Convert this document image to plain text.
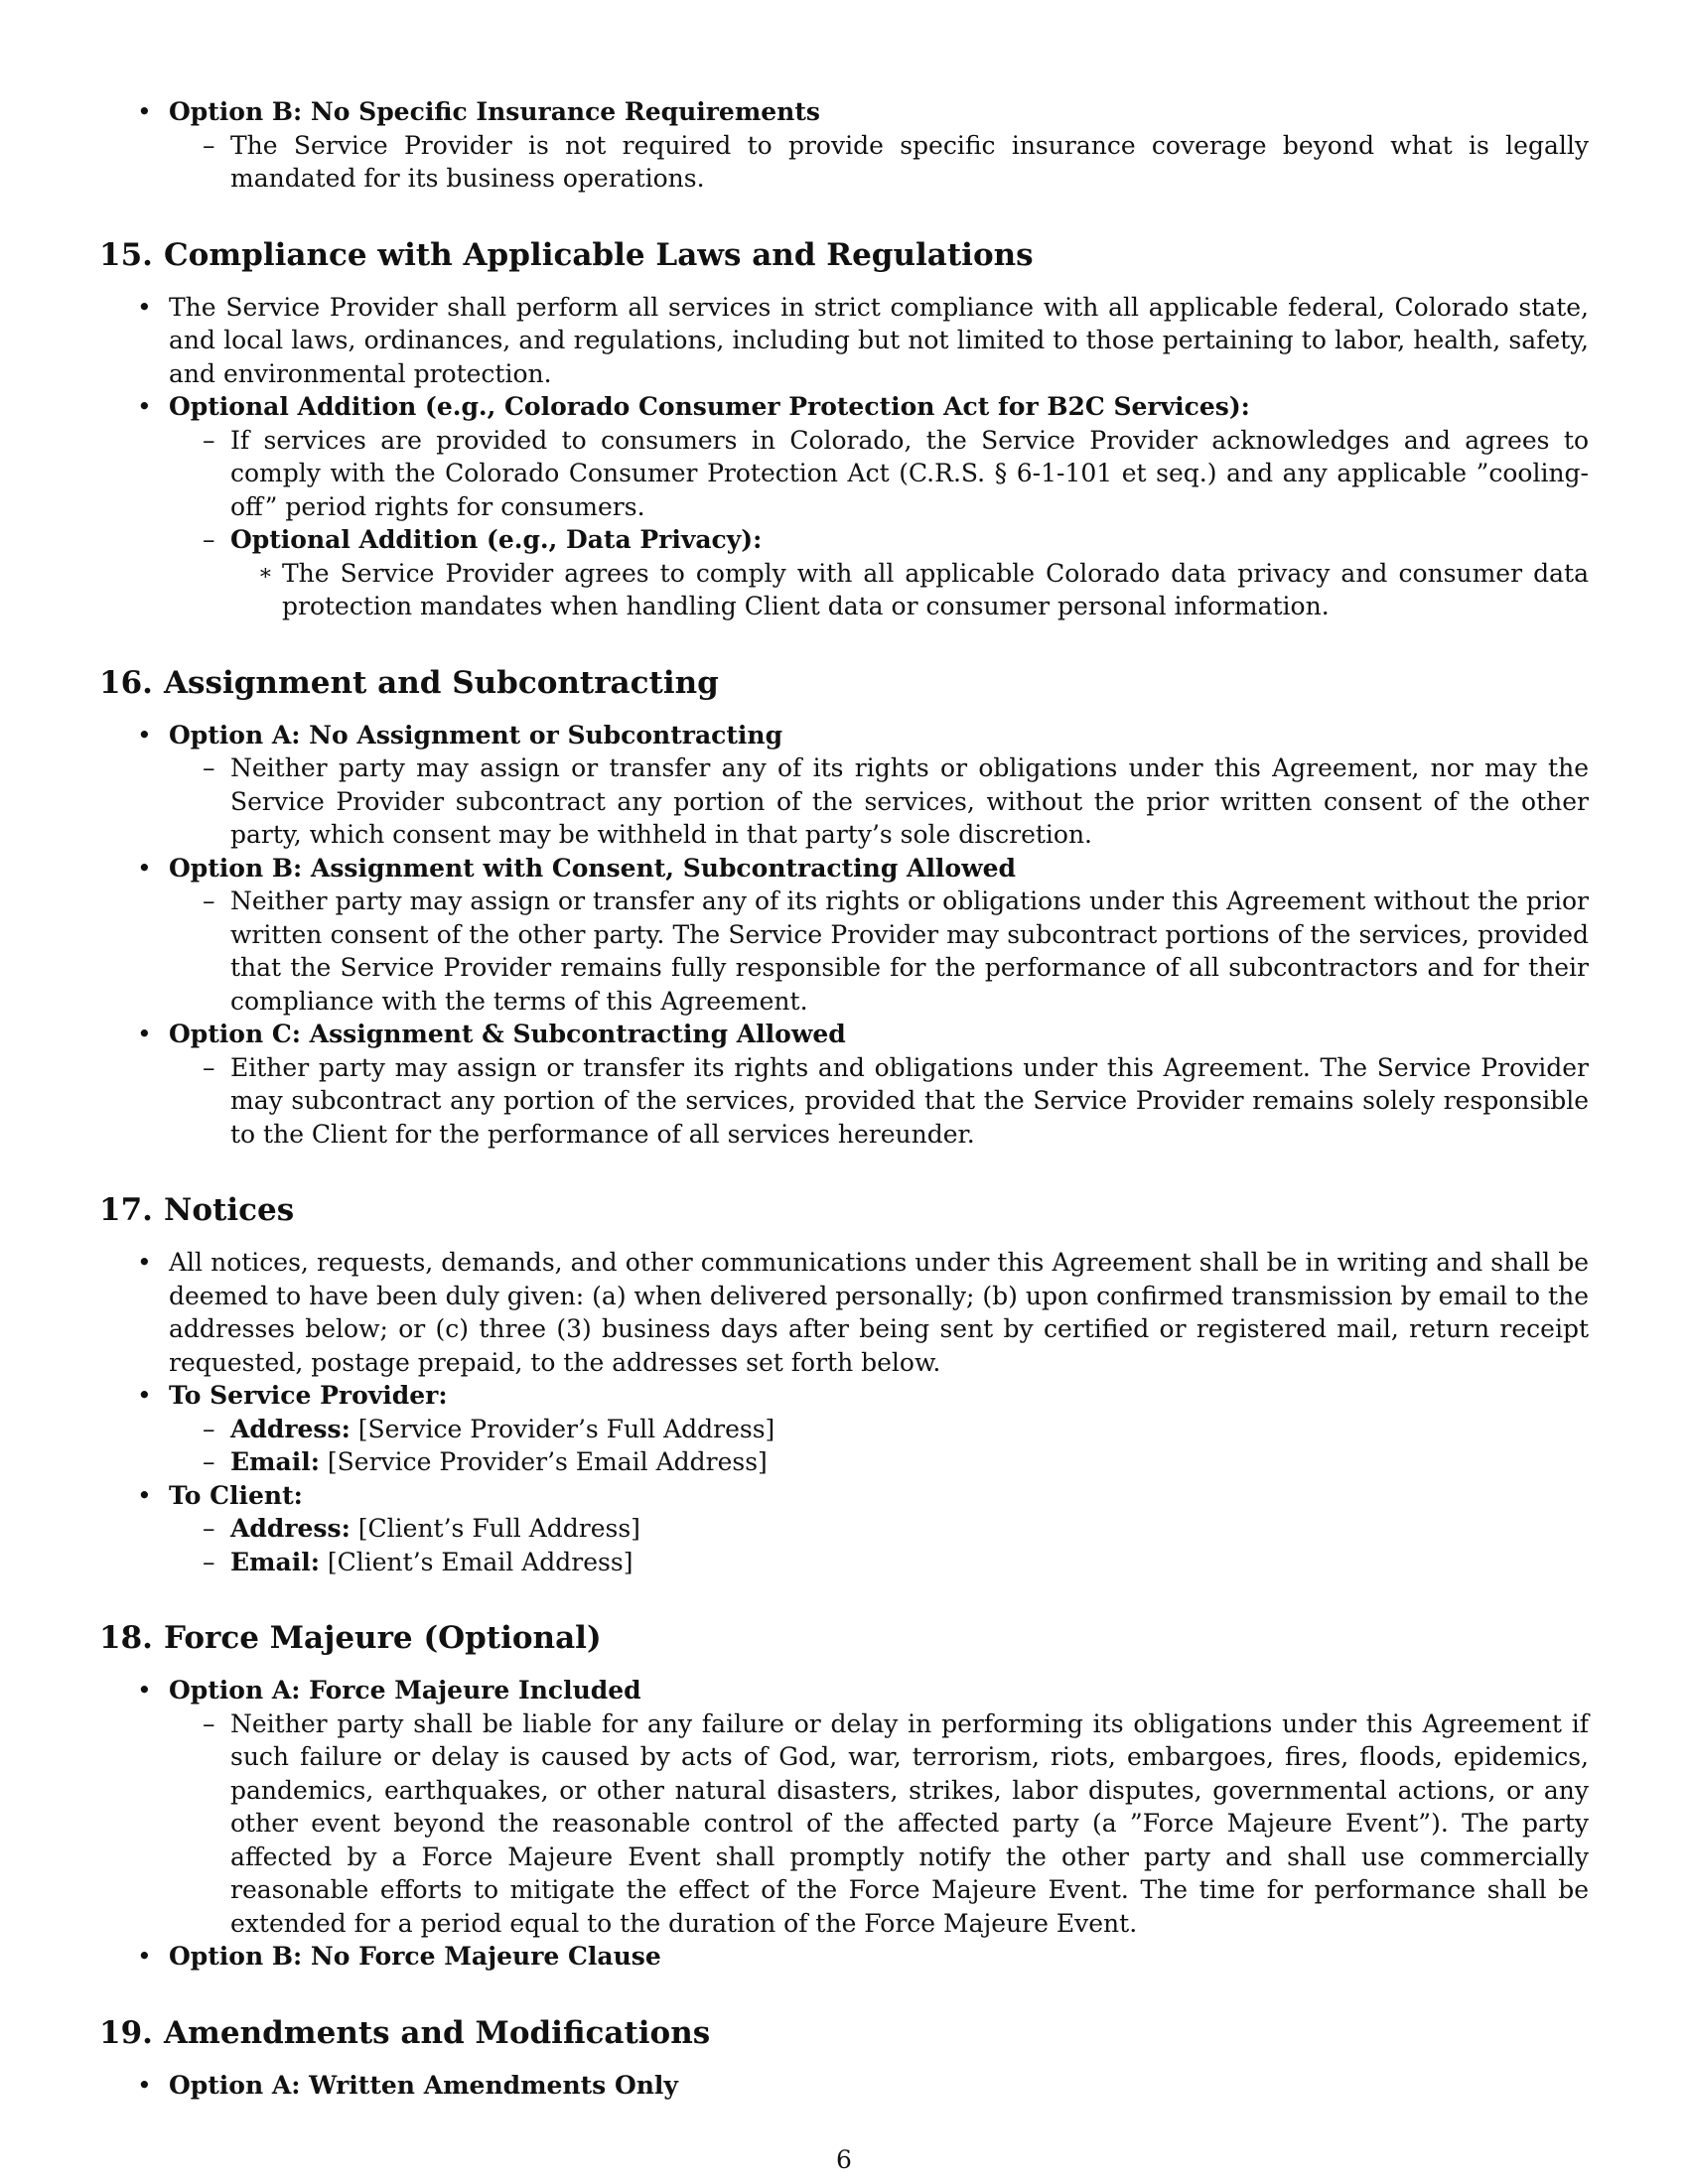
• Option B: No Specific Insurance Requirements
– The Service Provider is not required to provide specific insurance coverage beyond what is legally mandated for its business operations.
15. Compliance with Applicable Laws and Regulations
• The Service Provider shall perform all services in strict compliance with all applicable federal, Colorado state, and local laws, ordinances, and regulations, including but not limited to those pertaining to labor, health, safety, and environmental protection.
• Optional Addition (e.g., Colorado Consumer Protection Act for B2C Services):
– If services are provided to consumers in Colorado, the Service Provider acknowledges and agrees to comply with the Colorado Consumer Protection Act (C.R.S. § 6-1-101 et seq.) and any applicable ”cooling-off” period rights for consumers.
– Optional Addition (e.g., Data Privacy):
∗ The Service Provider agrees to comply with all applicable Colorado data privacy and consumer data protection mandates when handling Client data or consumer personal information.
16. Assignment and Subcontracting
• Option A: No Assignment or Subcontracting
– Neither party may assign or transfer any of its rights or obligations under this Agreement, nor may the Service Provider subcontract any portion of the services, without the prior written consent of the other party, which consent may be withheld in that party’s sole discretion.
• Option B: Assignment with Consent, Subcontracting Allowed
– Neither party may assign or transfer any of its rights or obligations under this Agreement without the prior written consent of the other party. The Service Provider may subcontract portions of the services, provided that the Service Provider remains fully responsible for the performance of all subcontractors and for their compliance with the terms of this Agreement.
• Option C: Assignment & Subcontracting Allowed
– Either party may assign or transfer its rights and obligations under this Agreement. The Service Provider may subcontract any portion of the services, provided that the Service Provider remains solely responsible to the Client for the performance of all services hereunder.
17. Notices
• All notices, requests, demands, and other communications under this Agreement shall be in writing and shall be deemed to have been duly given: (a) when delivered personally; (b) upon confirmed transmission by email to the addresses below; or (c) three (3) business days after being sent by certified or registered mail, return receipt requested, postage prepaid, to the addresses set forth below.
• To Service Provider:
– Address: [Service Provider’s Full Address]
– Email: [Service Provider’s Email Address]
• To Client:
– Address: [Client’s Full Address]
– Email: [Client’s Email Address]
18. Force Majeure (Optional)
• Option A: Force Majeure Included
– Neither party shall be liable for any failure or delay in performing its obligations under this Agreement if such failure or delay is caused by acts of God, war, terrorism, riots, embargoes, fires, floods, epidemics, pandemics, earthquakes, or other natural disasters, strikes, labor disputes, governmental actions, or any other event beyond the reasonable control of the affected party (a ”Force Majeure Event”). The party affected by a Force Majeure Event shall promptly notify the other party and shall use commercially reasonable efforts to mitigate the effect of the Force Majeure Event. The time for performance shall be extended for a period equal to the duration of the Force Majeure Event.
• Option B: No Force Majeure Clause
19. Amendments and Modifications
• Option A: Written Amendments Only
6
